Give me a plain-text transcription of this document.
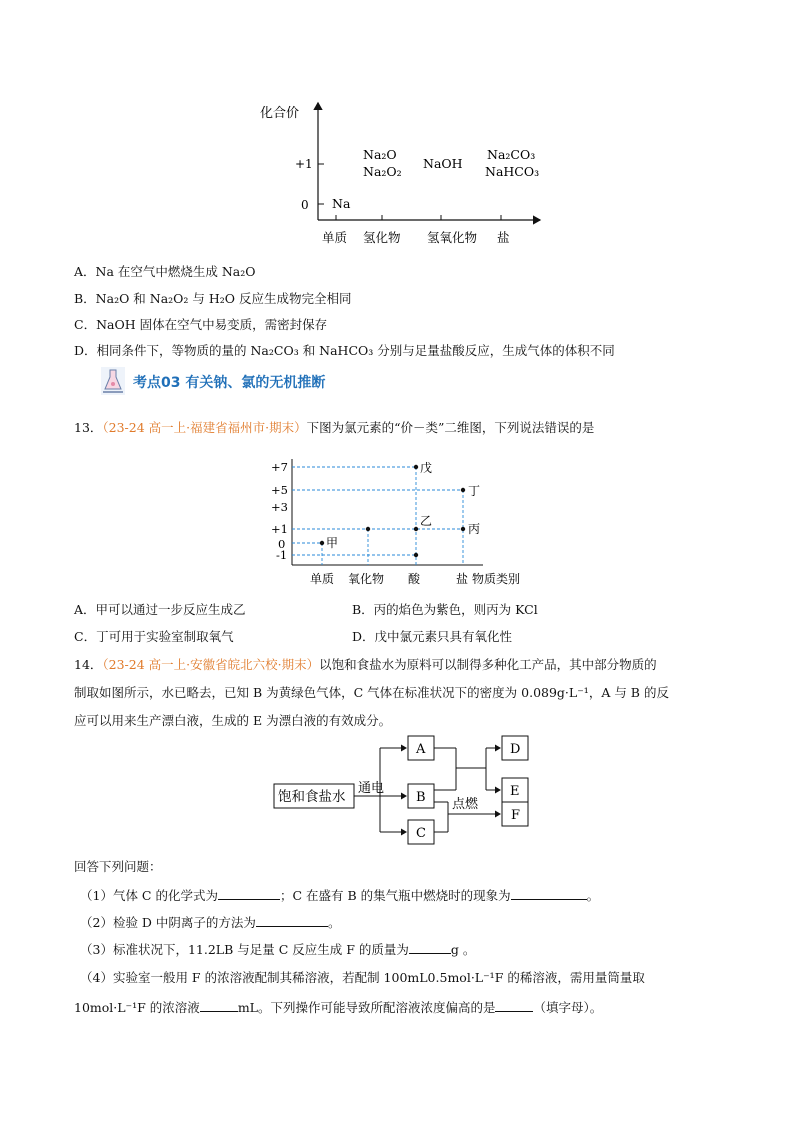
化合价
+1
0
单质 氢化物 氢氧化物 盐
Na
Na₂O
Na₂O₂
NaOH
Na₂CO₃
NaHCO₃
A．Na 在空气中燃烧生成 Na₂O
B．Na₂O 和 Na₂O₂ 与 H₂O 反应生成物完全相同
C．NaOH 固体在空气中易变质，需密封保存
D．相同条件下，等物质的量的 Na₂CO₃ 和 NaHCO₃ 分别与足量盐酸反应，生成气体的体积不同
考点03 有关钠、氯的无机推断
13．（23-24 高一上·福建省福州市·期末）下图为氯元素的“价－类”二维图，下列说法错误的是
+7
+5
+3
+1
0
-1
甲
乙
戊
丁
丙
单质 氧化物 酸	盐 物质类别
A．甲可以通过一步反应生成乙	B．丙的焰色为紫色，则丙为 KCl
C．丁可用于实验室制取氧气	D．戊中氯元素只具有氧化性
14．（23-24 高一上·安徽省皖北六校·期末）以饱和食盐水为原料可以制得多种化工产品，其中部分物质的
制取如图所示，水已略去，已知 B 为黄绿色气体，C 气体在标准状况下的密度为 0.089g·L⁻¹，A 与 B 的反
应可以用来生产漂白液，生成的 E 为漂白液的有效成分。
饱和食盐水
通电
A
B
C
点燃
D
E
F
回答下列问题：
（1）气体 C 的化学式为	；C 在盛有 B 的集气瓶中燃烧时的现象为	。
（2）检验 D 中阴离子的方法为	。
（3）标准状况下，11.2LB 与足量 C 反应生成 F 的质量为	g 。
（4）实验室一般用 F 的浓溶液配制其稀溶液，若配制 100mL0.5mol·L⁻¹F 的稀溶液，需用量筒量取
10mol·L⁻¹F 的浓溶液	mL。下列操作可能导致所配溶液浓度偏高的是	（填字母）。
